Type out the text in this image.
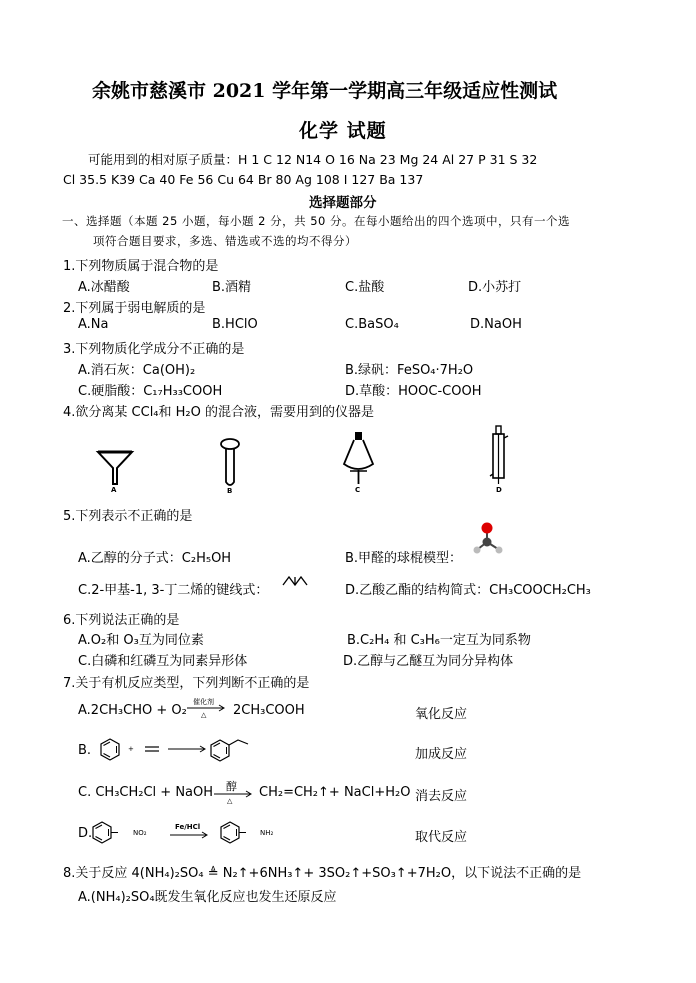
余姚市慈溪市 2021 学年第一学期高三年级适应性测试
化学 试题
可能用到的相对原子质量：H 1 C 12 N14 O 16 Na 23 Mg 24 Al 27 P 31 S 32
Cl 35.5 K39 Ca 40 Fe 56 Cu 64 Br 80 Ag 108 I 127 Ba 137
选择题部分
一、选择题（本题 25 小题，每小题 2 分，共 50 分。在每小题给出的四个选项中，只有一个选
项符合题目要求，多选、错选或不选的均不得分）
1.下列物质属于混合物的是
A.冰醋酸	B.酒精	C.盐酸	D.小苏打
2.下列属于弱电解质的是
A.Na	B.HClO	C.BaSO₄	D.NaOH
3.下列物质化学成分不正确的是
A.消石灰：Ca(OH)₂	B.绿矾：FeSO₄·7H₂O
C.硬脂酸：C₁₇H₃₃COOH	D.草酸：HOOC-COOH
4.欲分离某 CCl₄和 H₂O 的混合液，需要用到的仪器是
A	B	C	D
5.下列表示不正确的是
A.乙醇的分子式：C₂H₅OH	B.甲醛的球棍模型：
C.2-甲基-1, 3-丁二烯的键线式：	D.乙酸乙酯的结构简式：CH₃COOCH₂CH₃
6.下列说法正确的是
A.O₂和 O₃互为同位素	B.C₂H₄ 和 C₃H₆一定互为同系物
C.白磷和红磷互为同素异形体	D.乙醇与乙醚互为同分异构体
7.关于有机反应类型，下列判断不正确的是
A.2CH₃CHO + O₂
催化剂
△ 2CH₃COOH	氧化反应
B.	+	加成反应
C. CH₃CH₂Cl + NaOH 醇
△
CH₂=CH₂↑+ NaCl+H₂O 消去反应
D.	NO₂
Fe/HCl
NH₂	取代反应
8.关于反应 4(NH₄)₂SO₄ ≜ N₂↑+6NH₃↑+ 3SO₂↑+SO₃↑+7H₂O，以下说法不正确的是
A.(NH₄)₂SO₄既发生氧化反应也发生还原反应
